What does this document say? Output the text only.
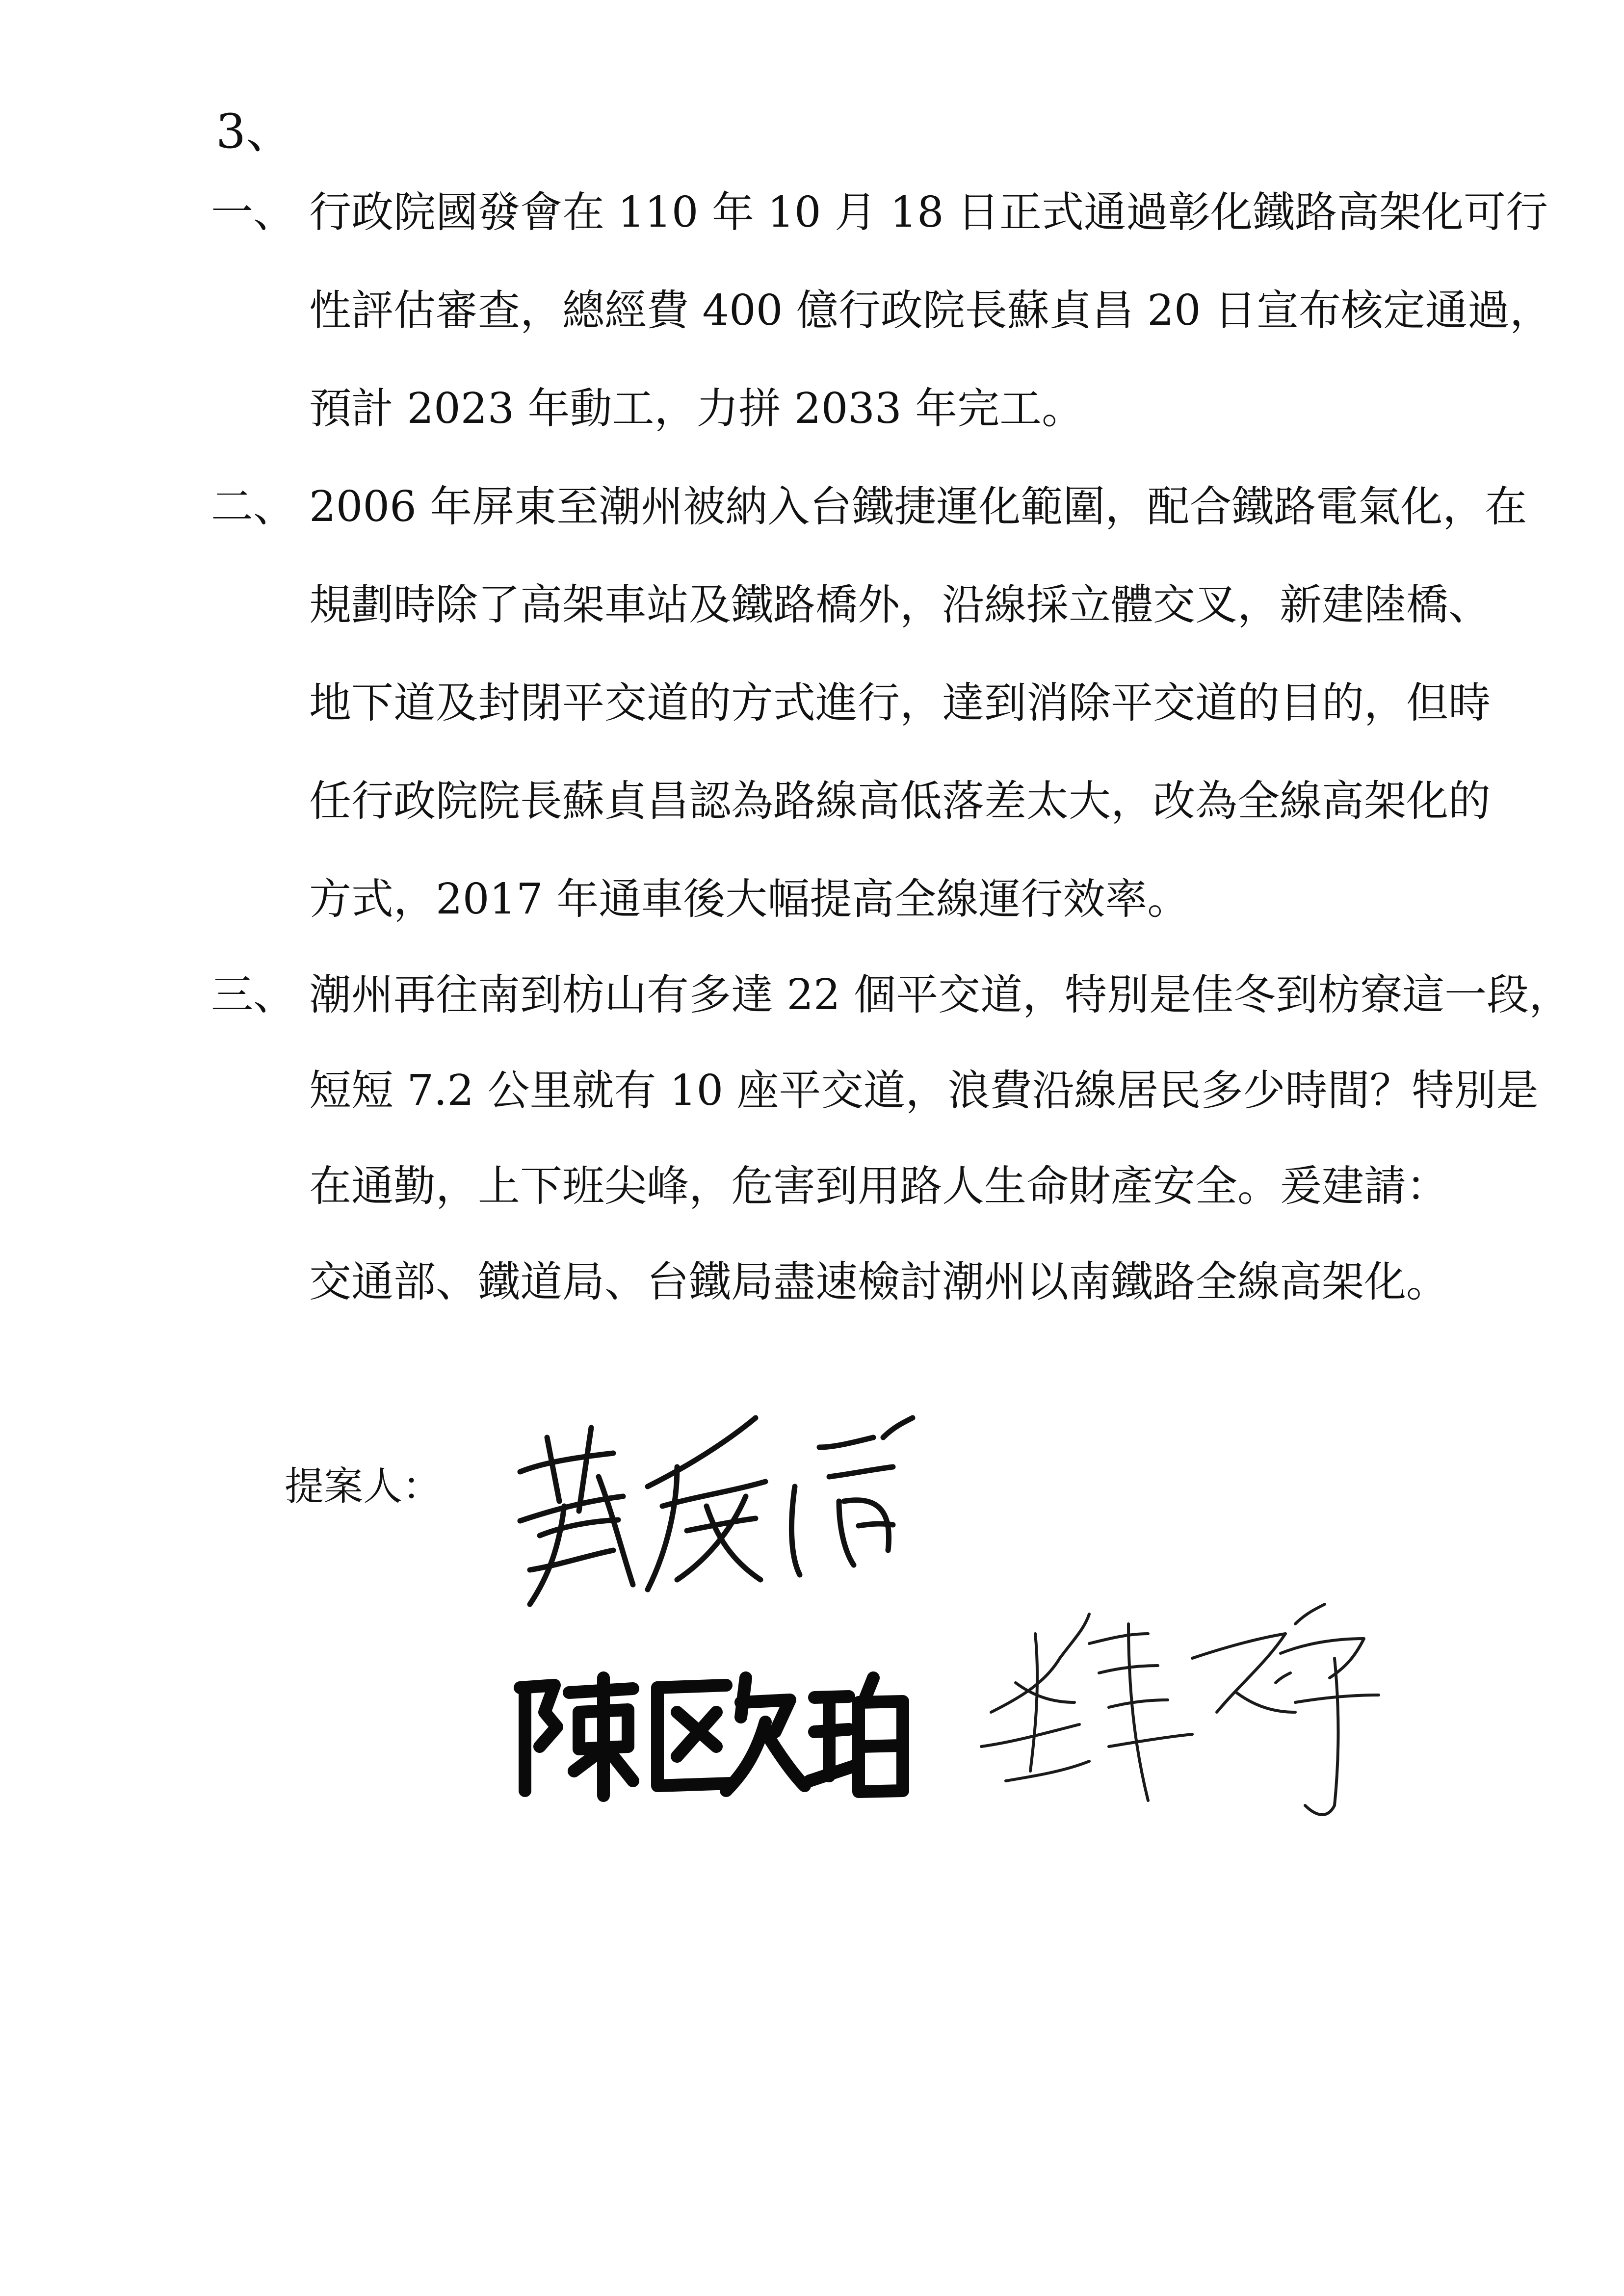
3、
一、 行政院國發會在 110 年 10 月 18 日正式通過彰化鐵路高架化可行
性評估審查，總經費 400 億行政院長蘇貞昌 20 日宣布核定通過，
預計 2023 年動工，力拼 2033 年完工。
二、 2006 年屏東至潮州被納入台鐵捷運化範圍，配合鐵路電氣化，在
規劃時除了高架車站及鐵路橋外，沿線採立體交叉，新建陸橋、
地下道及封閉平交道的方式進行，達到消除平交道的目的，但時
任行政院院長蘇貞昌認為路線高低落差太大，改為全線高架化的
方式，2017 年通車後大幅提高全線運行效率。
三、 潮州再往南到枋山有多達 22 個平交道，特別是佳冬到枋寮這一段，
短短 7.2 公里就有 10 座平交道，浪費沿線居民多少時間？特別是
在通勤，上下班尖峰，危害到用路人生命財產安全。爰建請：
交通部、鐵道局、台鐵局盡速檢討潮州以南鐵路全線高架化。
提案人：
